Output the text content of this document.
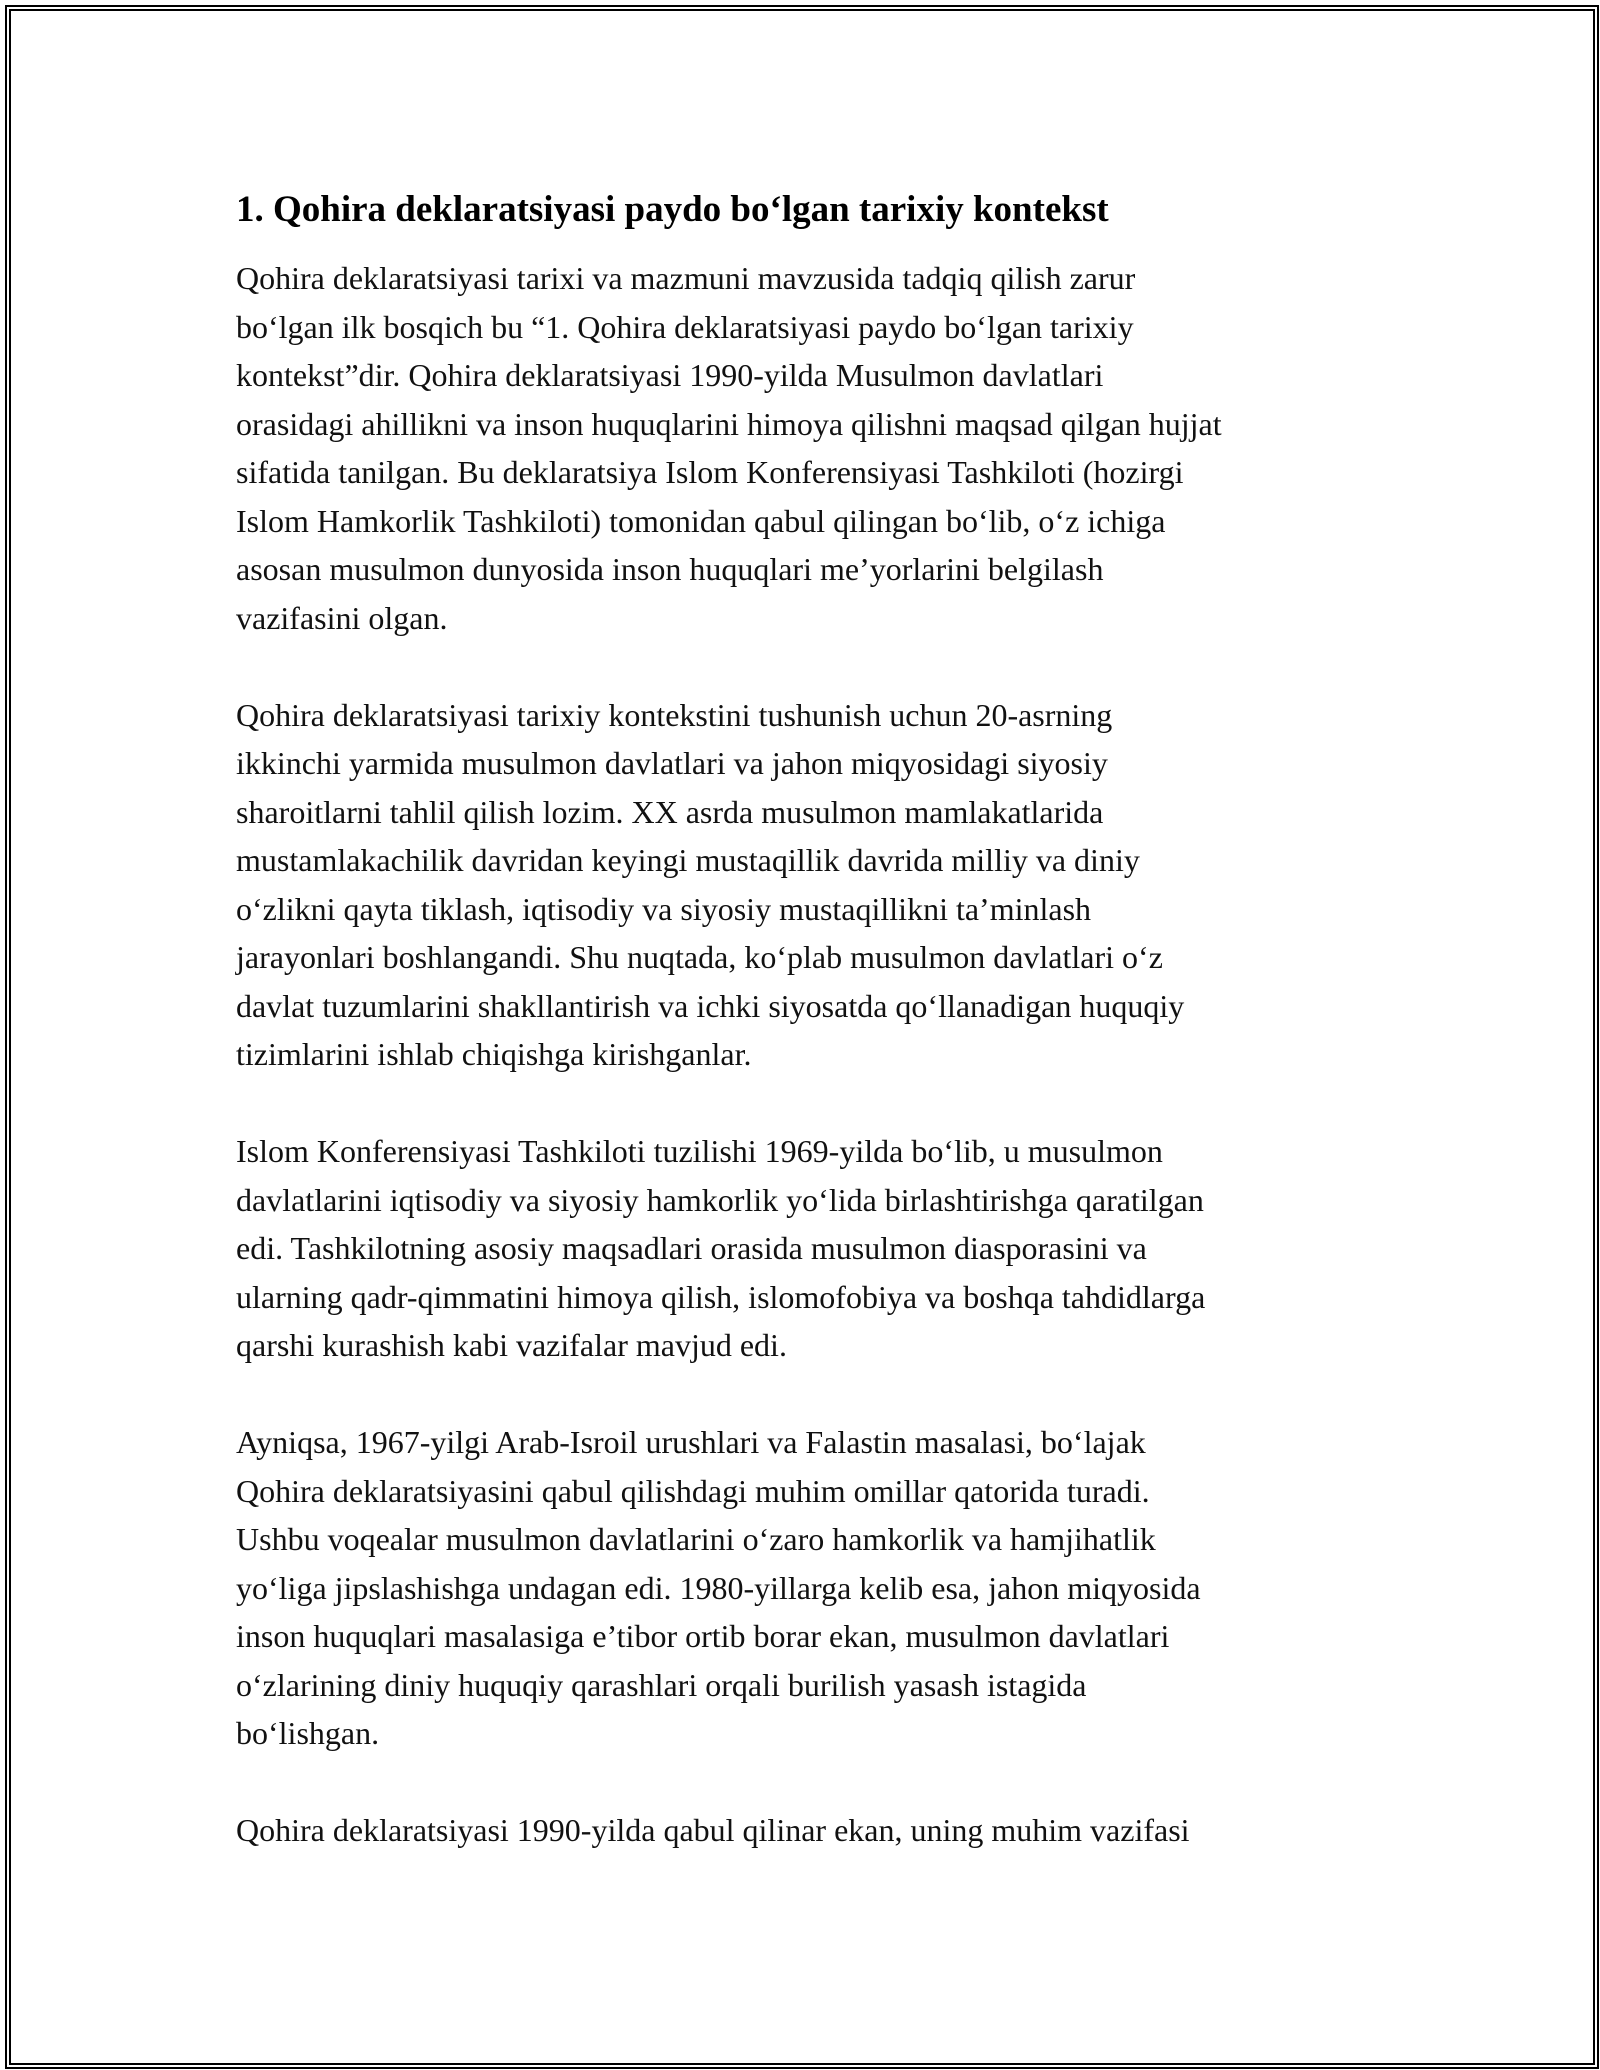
1. Qohira deklaratsiyasi paydo bo‘lgan tarixiy kontekst

Qohira deklaratsiyasi tarixi va mazmuni mavzusida tadqiq qilish zarur
bo‘lgan ilk bosqich bu “1. Qohira deklaratsiyasi paydo bo‘lgan tarixiy
kontekst”dir. Qohira deklaratsiyasi 1990-yilda Musulmon davlatlari
orasidagi ahillikni va inson huquqlarini himoya qilishni maqsad qilgan hujjat
sifatida tanilgan. Bu deklaratsiya Islom Konferensiyasi Tashkiloti (hozirgi
Islom Hamkorlik Tashkiloti) tomonidan qabul qilingan bo‘lib, o‘z ichiga
asosan musulmon dunyosida inson huquqlari me’yorlarini belgilash
vazifasini olgan.

Qohira deklaratsiyasi tarixiy kontekstini tushunish uchun 20-asrning
ikkinchi yarmida musulmon davlatlari va jahon miqyosidagi siyosiy
sharoitlarni tahlil qilish lozim. XX asrda musulmon mamlakatlarida
mustamlakachilik davridan keyingi mustaqillik davrida milliy va diniy
o‘zlikni qayta tiklash, iqtisodiy va siyosiy mustaqillikni ta’minlash
jarayonlari boshlangandi. Shu nuqtada, ko‘plab musulmon davlatlari o‘z
davlat tuzumlarini shakllantirish va ichki siyosatda qo‘llanadigan huquqiy
tizimlarini ishlab chiqishga kirishganlar.

Islom Konferensiyasi Tashkiloti tuzilishi 1969-yilda bo‘lib, u musulmon
davlatlarini iqtisodiy va siyosiy hamkorlik yo‘lida birlashtirishga qaratilgan
edi. Tashkilotning asosiy maqsadlari orasida musulmon diasporasini va
ularning qadr-qimmatini himoya qilish, islomofobiya va boshqa tahdidlarga
qarshi kurashish kabi vazifalar mavjud edi.

Ayniqsa, 1967-yilgi Arab-Isroil urushlari va Falastin masalasi, bo‘lajak
Qohira deklaratsiyasini qabul qilishdagi muhim omillar qatorida turadi.
Ushbu voqealar musulmon davlatlarini o‘zaro hamkorlik va hamjihatlik
yo‘liga jipslashishga undagan edi. 1980-yillarga kelib esa, jahon miqyosida
inson huquqlari masalasiga e’tibor ortib borar ekan, musulmon davlatlari
o‘zlarining diniy huquqiy qarashlari orqali burilish yasash istagida
bo‘lishgan.

Qohira deklaratsiyasi 1990-yilda qabul qilinar ekan, uning muhim vazifasi
